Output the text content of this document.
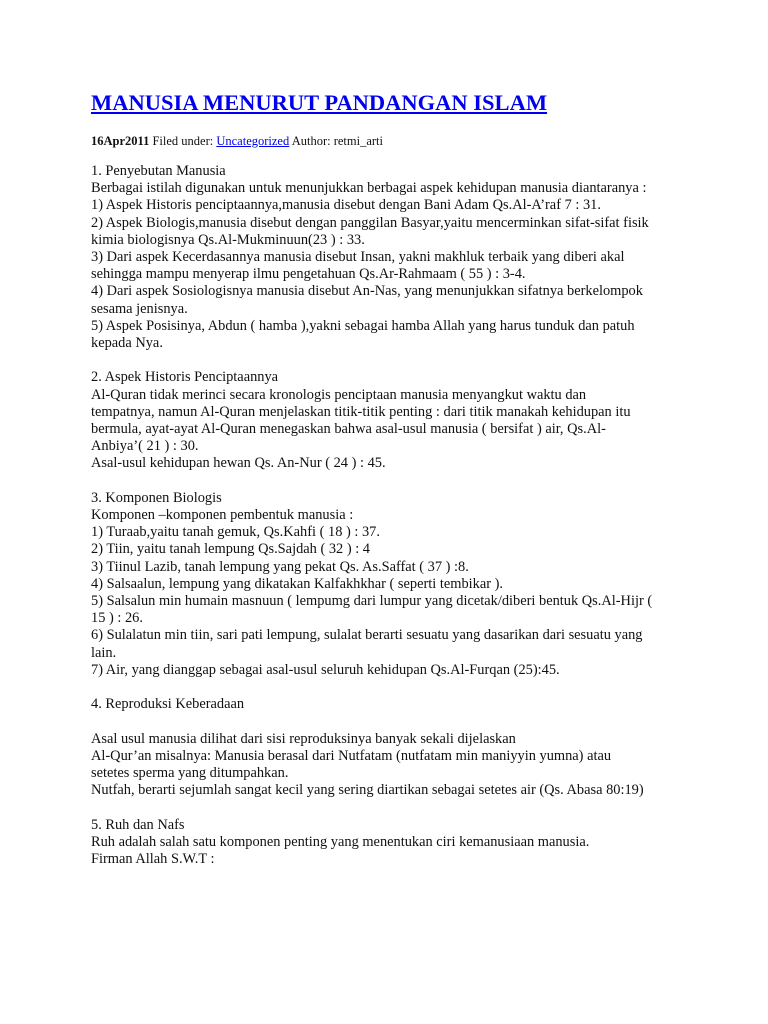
MANUSIA MENURUT PANDANGAN ISLAM
16Apr2011 Filed under: Uncategorized Author: retmi_arti
1. Penyebutan Manusia
Berbagai istilah digunakan untuk menunjukkan berbagai aspek kehidupan manusia diantaranya :
1) Aspek Historis penciptaannya,manusia disebut dengan Bani Adam Qs.Al-A’raf 7 : 31.
2) Aspek Biologis,manusia disebut dengan panggilan Basyar,yaitu mencerminkan sifat-sifat fisik
kimia biologisnya Qs.Al-Mukminuun(23 ) : 33.
3) Dari aspek Kecerdasannya manusia disebut Insan, yakni makhluk terbaik yang diberi akal
sehingga mampu menyerap ilmu pengetahuan Qs.Ar-Rahmaam ( 55 ) : 3-4.
4) Dari aspek Sosiologisnya manusia disebut An-Nas, yang menunjukkan sifatnya berkelompok
sesama jenisnya.
5) Aspek Posisinya, Abdun ( hamba ),yakni sebagai hamba Allah yang harus tunduk dan patuh
kepada Nya.
2. Aspek Historis Penciptaannya
Al-Quran tidak merinci secara kronologis penciptaan manusia menyangkut waktu dan
tempatnya, namun Al-Quran menjelaskan titik-titik penting : dari titik manakah kehidupan itu
bermula, ayat-ayat Al-Quran menegaskan bahwa asal-usul manusia ( bersifat ) air, Qs.Al-
Anbiya’( 21 ) : 30.
Asal-usul kehidupan hewan Qs. An-Nur ( 24 ) : 45.
3. Komponen Biologis
Komponen –komponen pembentuk manusia :
1) Turaab,yaitu tanah gemuk, Qs.Kahfi ( 18 ) : 37.
2) Tiin, yaitu tanah lempung Qs.Sajdah ( 32 ) : 4
3) Tiinul Lazib, tanah lempung yang pekat Qs. As.Saffat ( 37 ) :8.
4) Salsaalun, lempung yang dikatakan Kalfakhkhar ( seperti tembikar ).
5) Salsalun min humain masnuun ( lempumg dari lumpur yang dicetak/diberi bentuk Qs.Al-Hijr (
15 ) : 26.
6) Sulalatun min tiin, sari pati lempung, sulalat berarti sesuatu yang dasarikan dari sesuatu yang
lain.
7) Air, yang dianggap sebagai asal-usul seluruh kehidupan Qs.Al-Furqan (25):45.
4. Reproduksi Keberadaan
Asal usul manusia dilihat dari sisi reproduksinya banyak sekali dijelaskan
Al-Qur’an misalnya: Manusia berasal dari Nutfatam (nutfatam min maniyyin yumna) atau
setetes sperma yang ditumpahkan.
Nutfah, berarti sejumlah sangat kecil yang sering diartikan sebagai setetes air (Qs. Abasa 80:19)
5. Ruh dan Nafs
Ruh adalah salah satu komponen penting yang menentukan ciri kemanusiaan manusia.
Firman Allah S.W.T :
